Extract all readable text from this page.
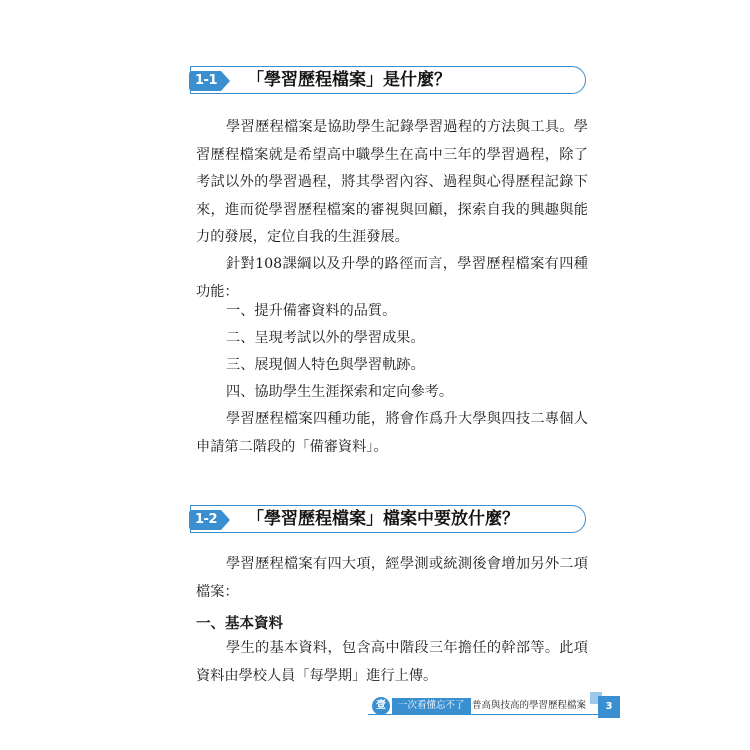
1-1 「學習歷程檔案」是什麼？

學習歷程檔案是協助學生記錄學習過程的方法與工具。學習歷程檔案就是希望高中職學生在高中三年的學習過程，除了考試以外的學習過程，將其學習內容、過程與心得歷程記錄下來，進而從學習歷程檔案的審視與回顧，探索自我的興趣與能力的發展，定位自我的生涯發展。

針對108課綱以及升學的路徑而言，學習歷程檔案有四種功能：

一、提升備審資料的品質。
二、呈現考試以外的學習成果。
三、展現個人特色與學習軌跡。
四、協助學生生涯探索和定向參考。

學習歷程檔案四種功能，將會作爲升大學與四技二專個人申請第二階段的「備審資料」。

1-2 「學習歷程檔案」檔案中要放什麼？

學習歷程檔案有四大項，經學測或統測後會增加另外二項檔案：

一、基本資料

學生的基本資料，包含高中階段三年擔任的幹部等。此項資料由學校人員「每學期」進行上傳。

壹	一次看懂忘不了 普高與技高的學習歷程檔案	3
